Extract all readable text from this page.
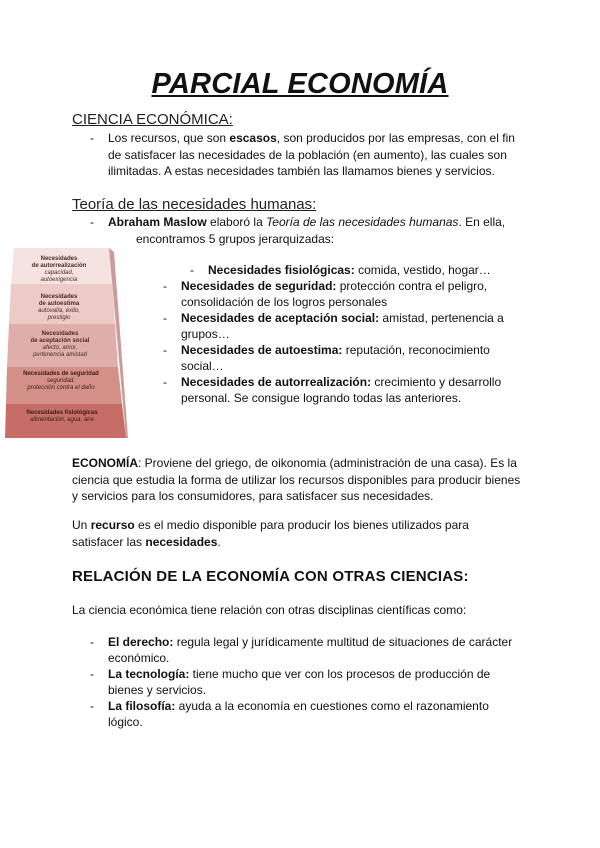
PARCIAL ECONOMÍA
CIENCIA ECONÓMICA:
- Los recursos, que son escasos, son producidos por las empresas, con el fin
de satisfacer las necesidades de la población (en aumento), las cuales son
ilimitadas. A estas necesidades también las llamamos bienes y servicios.
Teoría de las necesidades humanas:
- Abraham Maslow elaboró la Teoría de las necesidades humanas. En ella,
encontramos 5 grupos jerarquizadas:
Necesidades
de autorrealización
capacidad,
autoexigencia
Necesidades
de autoestima
autovalía, éxito,
prestigio
Necesidades
de aceptación social
afecto, amor,
pertenencia amistad
Necesidades de seguridad
seguridad,
protección contra el daño
Necesidades fisiológicas
alimentación, agua, aire
- Necesidades fisiológicas: comida, vestido, hogar…
- Necesidades de seguridad: protección contra el peligro,
consolidación de los logros personales
- Necesidades de aceptación social: amistad, pertenencia a
grupos…
- Necesidades de autoestima: reputación, reconocimiento
social…
- Necesidades de autorrealización: crecimiento y desarrollo
personal. Se consigue logrando todas las anteriores.
ECONOMÍA: Proviene del griego, de oikonomia (administración de una casa). Es la
ciencia que estudia la forma de utilizar los recursos disponibles para producir bienes
y servicios para los consumidores, para satisfacer sus necesidades.
Un recurso es el medio disponible para producir los bienes utilizados para
satisfacer las necesidades.
RELACIÓN DE LA ECONOMÍA CON OTRAS CIENCIAS:
La ciencia económica tiene relación con otras disciplinas científicas como:
- El derecho: regula legal y jurídicamente multitud de situaciones de carácter
económico.
- La tecnología: tiene mucho que ver con los procesos de producción de
bienes y servicios.
- La filosofía: ayuda a la economía en cuestiones como el razonamiento
lógico.
